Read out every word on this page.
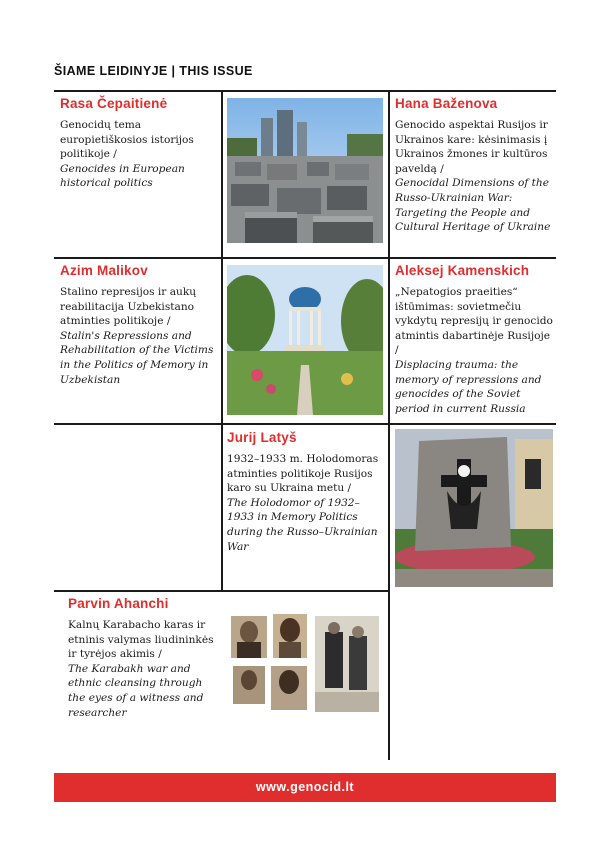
ŠIAME LEIDINYJE | THIS ISSUE
Rasa Čepaitienė
Genocidų tema europietiškosios istorijos politikoje /
Genocides in European historical politics
Hana Baženova
Genocido aspektai Rusijos ir Ukrainos kare: kėsinimasis į Ukrainos žmones ir kultūros paveldą /
Genocidal Dimensions of the Russo-Ukrainian War: Targeting the People and Cultural Heritage of Ukraine
Azim Malikov
Stalino represijos ir aukų reabilitacija Uzbekistano atminties politikoje /
Stalin's Repressions and Rehabilitation of the Victims in the Politics of Memory in Uzbekistan
Aleksej Kamenskich
„Nepatogios praeities“ ištūmimas: sovietmečiu vykdytų represijų ir genocido atmintis dabartinėje Rusijoje /
Displacing trauma: the memory of repressions and genocides of the Soviet period in current Russia
Jurij Latyš
1932–1933 m. Holodomoras atminties politikoje Rusijos karo su Ukraina metu /
The Holodomor of 1932–1933 in Memory Politics during the Russo–Ukrainian War
Parvin Ahanchi
Kalnų Karabacho karas ir etninis valymas liudininkės ir tyrėjos akimis /
The Karabakh war and ethnic cleansing through the eyes of a witness and researcher
www.genocid.lt
